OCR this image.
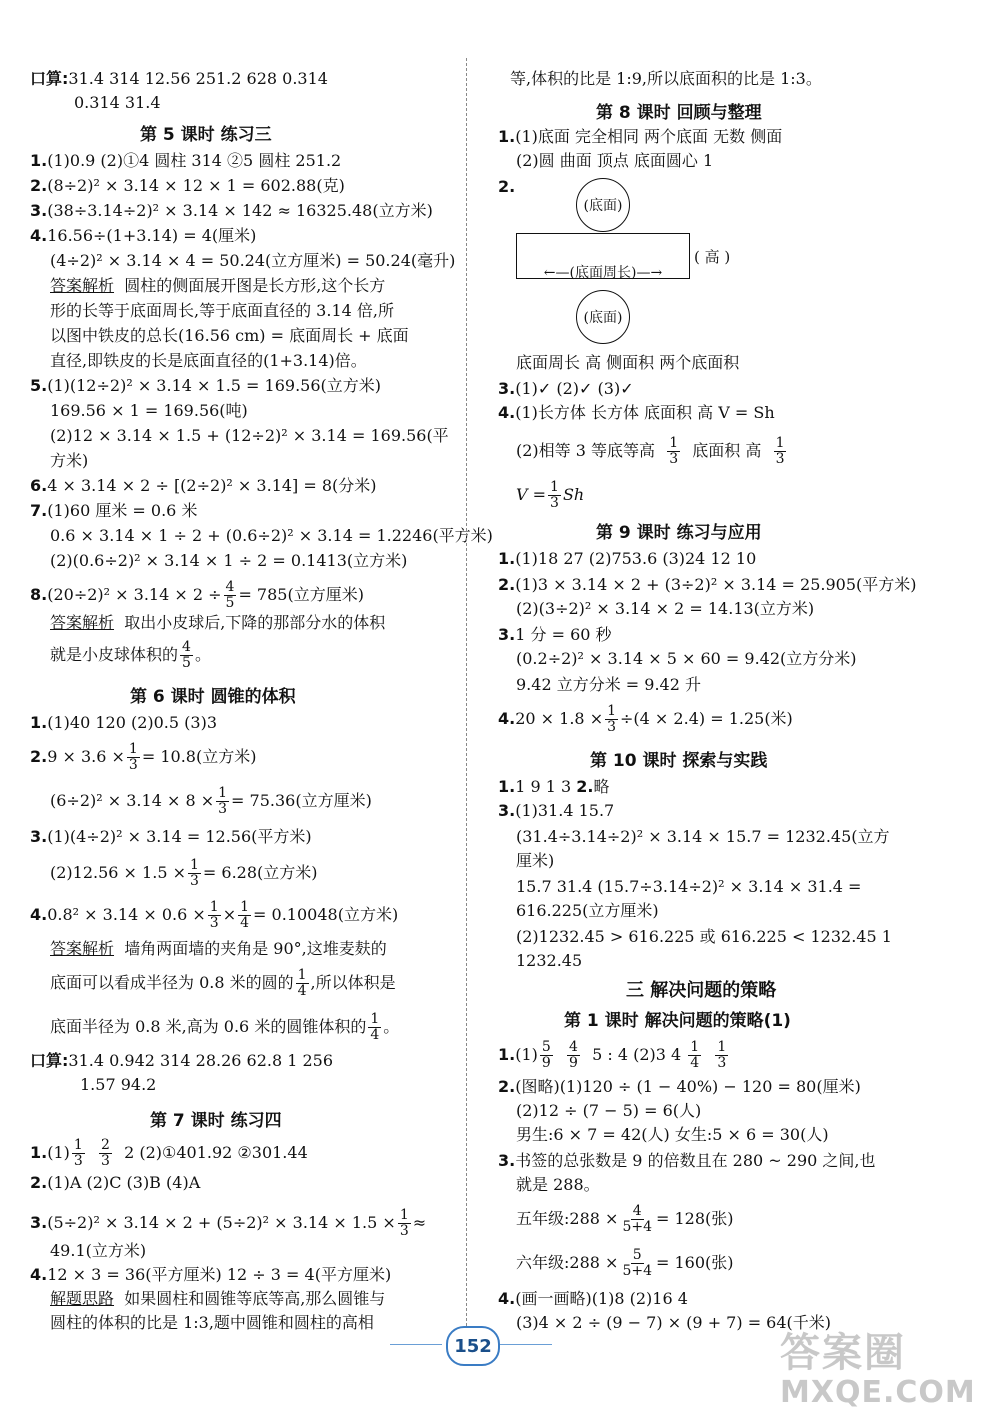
口算:31.4 314 12.56 251.2 628 0.314
0.314 31.4
第 5 课时 练习三
1.(1)0.9 (2)①4 圆柱 314 ②5 圆柱 251.2
2.(8÷2)² × 3.14 × 12 × 1 = 602.88(克)
3.(38÷3.14÷2)² × 3.14 × 142 ≈ 16325.48(立方米)
4.16.56÷(1+3.14) = 4(厘米)
(4÷2)² × 3.14 × 4 = 50.24(立方厘米) = 50.24(毫升)
答案解析 圆柱的侧面展开图是长方形,这个长方
形的长等于底面周长,等于底面直径的 3.14 倍,所
以图中铁皮的总长(16.56 cm) = 底面周长 + 底面
直径,即铁皮的长是底面直径的(1+3.14)倍。
5.(1)(12÷2)² × 3.14 × 1.5 = 169.56(立方米)
169.56 × 1 = 169.56(吨)
(2)12 × 3.14 × 1.5 + (12÷2)² × 3.14 = 169.56(平
方米)
6.4 × 3.14 × 2 ÷ [(2÷2)² × 3.14] = 8(分米)
7.(1)60 厘米 = 0.6 米
0.6 × 3.14 × 1 ÷ 2 + (0.6÷2)² × 3.14 = 1.2246(平方米)
(2)(0.6÷2)² × 3.14 × 1 ÷ 2 = 0.1413(立方米)
$8.(20\div 2)^2 \times 3.14 \times 2 \div \frac{4}{5} = 785$(立方厘米)
答案解析 取出小皮球后,下降的那部分水的体积
就是小皮球体积的 $\frac{4}{5}$ 。
第 6 课时 圆锥的体积
1.(1)40 120 (2)0.5 (3)3
$2.9 \times 3.6 \times \frac{1}{3} = 10.8$(立方米)
$(6\div 2)^2 \times 3.14 \times 8 \times \frac{1}{3} = 75.36$(立方厘米)
3.(1)(4÷2)² × 3.14 = 12.56(平方米)
$(2)12.56 \times 1.5 \times \frac{1}{3} = 6.28$(立方米)
$4.0.8^2 \times 3.14 \times 0.6 \times \frac{1}{3} \times \frac{1}{4} = 0.10048$(立方米)
答案解析 墙角两面墙的夹角是 90°,这堆麦麸的
底面可以看成半径为 0.8 米的圆的 $\frac{1}{4}$ ,所以体积是
底面半径为 0.8 米,高为 0.6 米的圆锥体积的 $\frac{1}{4}$ 。
口算:31.4 0.942 314 28.26 62.8 1 256
1.57 94.2
第 7 课时 练习四
$1.(1) \frac{1}{3}$
$\frac{2}{3} 2$ (2)①401.92 ②301.44
2.(1)A (2)C (3)B (4)A
$3.(5\div 2)^2 \times 3.14 \times 2 + (5\div 2)^2 \times 3.14 \times 1.5 \times \frac{1}{3}$ ≈
49.1(立方米)
4.12 × 3 = 36(平方厘米) 12 ÷ 3 = 4(平方厘米)
解题思路 如果圆柱和圆锥等底等高,那么圆锥与
圆柱的体积的比是 1:3,题中圆锥和圆柱的高相
等,体积的比是 1:9,所以底面积的比是 1:3。
第 8 课时 回顾与整理
1.(1)底面 完全相同 两个底面 无数 侧面
(2)圆 曲面 顶点 底面圆心 1
2.
(底面)
←—(底面周长)—→
( 高 )
(底面)
底面周长 高 侧面积 两个底面积
3.(1)✓ (2)✓ (3)✓
4.(1)长方体 长方体 底面积 高 V = Sh
(2)相等 3 等底等高 $\frac{1}{3}$ 底面积 高 $\frac{1}{3}$
$V = \frac{1}{3}$ Sh
第 9 课时 练习与应用
1.(1)18 27 (2)753.6 (3)24 12 10
2.(1)3 × 3.14 × 2 + (3÷2)² × 3.14 = 25.905(平方米)
(2)(3÷2)² × 3.14 × 2 = 14.13(立方米)
3.1 分 = 60 秒
(0.2÷2)² × 3.14 × 5 × 60 = 9.42(立方分米)
9.42 立方分米 = 9.42 升
$4.20 \times 1.8 \times \frac{1}{3} \div(4 \times 2.4) = 1.25$(米)
第 10 课时 探索与实践
1.1 9 1 3 2.略
3.(1)31.4 15.7
(31.4÷3.14÷2)² × 3.14 × 15.7 = 1232.45(立方
厘米)
15.7 31.4 (15.7÷3.14÷2)² × 3.14 × 31.4 =
616.225(立方厘米)
(2)1232.45 > 616.225 或 616.225 < 1232.45 1
1232.45
三 解决问题的策略
第 1 课时 解决问题的策略(1)
$1.(1) \frac{5}{9}$
$\frac{4}{9} 5$ : 4 (2)3 $4 \frac{1}{4}$
$\frac{1}{3}$
2.(图略)(1)120 ÷ (1 − 40%) − 120 = 80(厘米)
(2)12 ÷ (7 − 5) = 6(人)
男生:6 × 7 = 42(人) 女生:5 × 6 = 30(人)
3.书签的总张数是 9 的倍数且在 280 ~ 290 之间,也
就是 288。
五年级:288 × $\frac{4}{5+4} = 128$(张)
六年级:288 × $\frac{5}{5+4} = 160$(张)
4.(画一画略)(1)8 (2)16 4
(3)4 × 2 ÷ (9 − 7) × (9 + 7) = 64(千米)
152	答案圈
MXQE.COM
